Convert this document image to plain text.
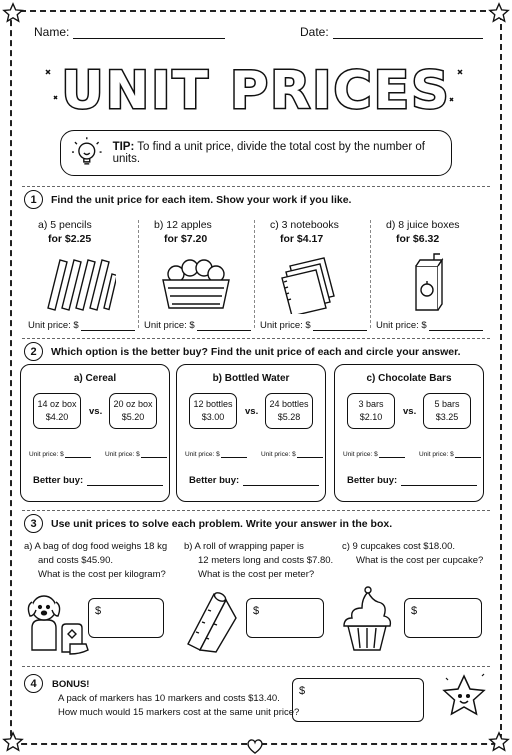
Name:	Date:
UNIT PRICES
TIP: To find a unit price, divide the total cost by the number of units.
1	Find the unit price for each item. Show your work if you like.
a) 5 pencils
for $2.25
Unit price: $
b) 12 apples
for $7.20
Unit price: $
c) 3 notebooks
for $4.17
Unit price: $
d) 8 juice boxes
for $6.32
Unit price: $
2	Which option is the better buy? Find the unit price of each and circle your answer.
a) Cereal
14 oz box
$4.20	vs.
20 oz box
$5.20
Unit price: $	Unit price: $
Better buy:
b) Bottled Water
12 bottles
$3.00	vs.
24 bottles
$5.28
Unit price: $	Unit price: $
Better buy:
c) Chocolate Bars
3 bars
$2.10	vs.
5 bars
$3.25
Unit price: $	Unit price: $
Better buy:
3	Use unit prices to solve each problem. Write your answer in the box.
a) A bag of dog food weighs 18 kg
and costs $45.90.
What is the cost per kilogram?
$
b) A roll of wrapping paper is
12 meters long and costs $7.80.
What is the cost per meter?
$
c) 9 cupcakes cost $18.00.
What is the cost per cupcake?
$
4	BONUS!
A pack of markers has 10 markers and costs $13.40.
How much would 15 markers cost at the same unit price?
$
